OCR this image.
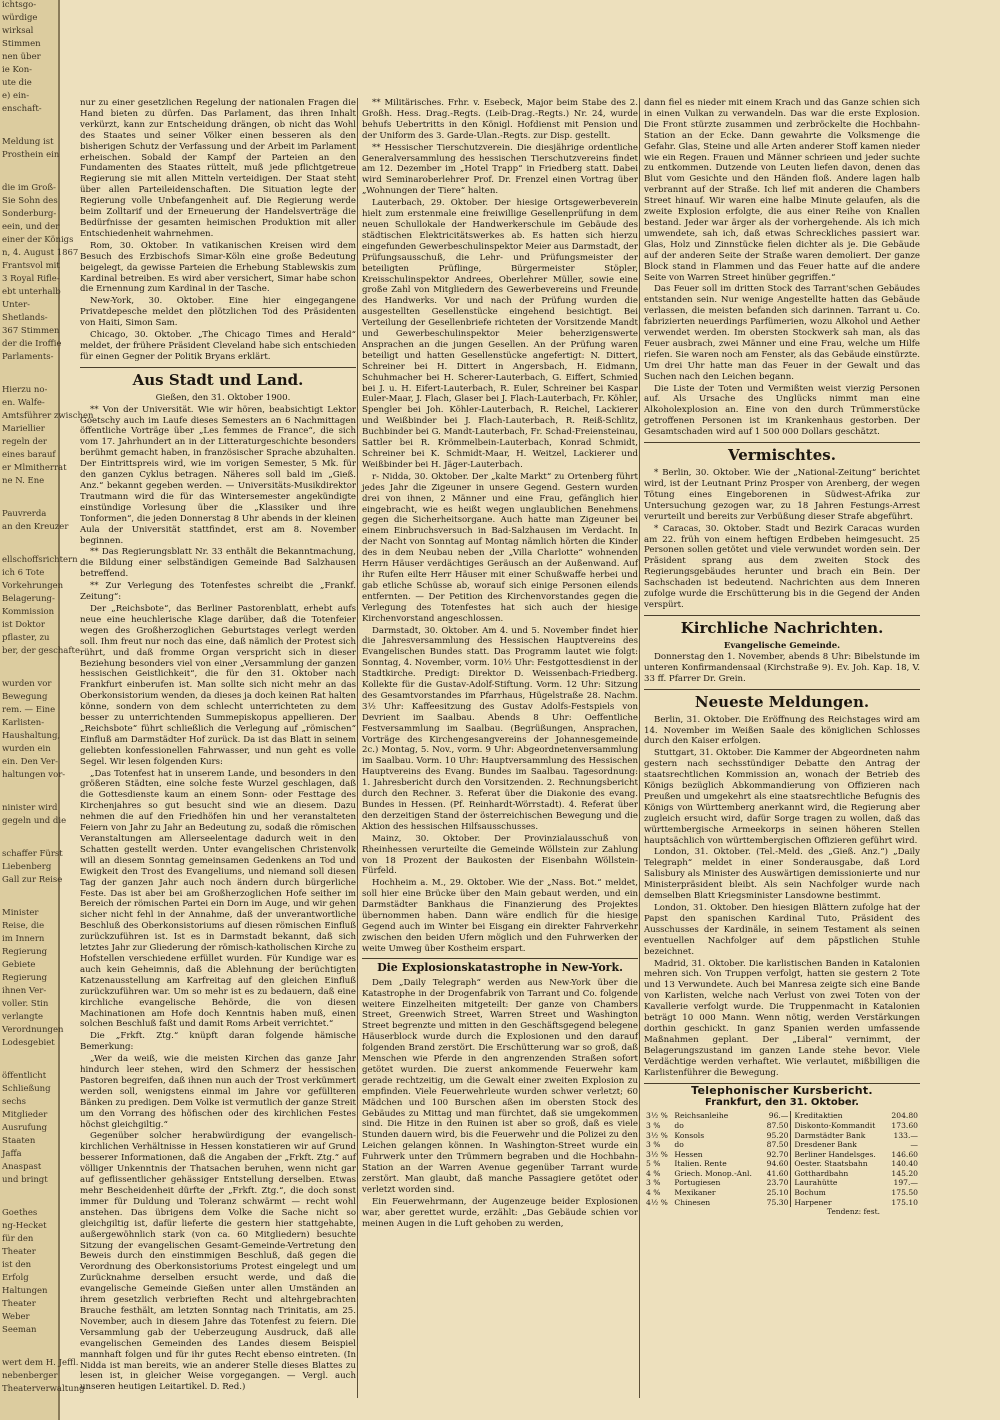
ichtsgo-

würdige

wirksal

Stimmen

nen über

ie Kon-

ute die

e) ein-

enschaft-

Meldung ist

Prosthein ein

die im Groß-

Sie Sohn des

Sonderburg-

eein, und der

einer der Königs

n, 4. August 1867

Frantsvol mit

3 Royal Rifle-

ebt unterhalb

Unter-

Shetlands-

367 Stimmen

der die Iroffie

Parlaments-

Hierzu no-

en. Walfe-

Amtsführer zwischen

Mariellier

regeln der

eines barauf

er Mlmitherrat

ne N. Ene

Pauvrerda

an den Kreuzer

ellschoffsrichtern

ich 6 Tote

Vorkehrungen

Belagerung-

Kommission

ist Doktor

pflaster, zu

ber, der geschafte

wurden vor

Bewegung

rem. — Eine

Karlisten-

Haushaltung,

wurden ein

ein. Den Ver-

haltungen vor-

ninister wird

gegeln und die

schaffer Fürst

Liebenberg

Gall zur Reise

Minister

Reise, die

im Innern

Regierung

Gebiete

Regierung

ihnen Ver-

voller. Stin

verlangte

Verordnungen

Lodesgebiet

öffentlicht

Schließung

sechs

Mitglieder

Ausrufung

Staaten

Jaffa

Anaspast

und bringt

Goethes

ng-Hecket

für den

Theater

ist den

Erfolg

Haltungen

Theater

Weber

Seeman

wert dem H. Jeffl.

nebenberger

Theaterverwaltung

nur zu einer gesetzlichen Regelung der nationalen Fragen die Hand bieten zu dürfen. Das Parlament, das ihren Inhalt verkürzt, kann zur Entscheidung drängen, ob nicht das Wohl des Staates und seiner Völker einen besseren als den bisherigen Schutz der Verfassung und der Arbeit im Parlament erheischen. Sobald der Kampf der Parteien an den Fundamenten des Staates rüttelt, muß jede pflichtgetreue Regierung sie mit allen Mitteln verteidigen. Der Staat steht über allen Parteileidenschaften. Die Situation legte der Regierung volle Unbefangenheit auf. Die Regierung werde beim Zolltarif und der Erneuerung der Handelsverträge die Bedürfnisse der gesamten heimischen Produktion mit aller Entschiedenheit wahrnehmen.

Rom, 30. Oktober. In vatikanischen Kreisen wird dem Besuch des Erzbischofs Simar-Köln eine große Bedeutung beigelegt, da gewisse Parteien die Erhebung Stablewskis zum Kardinal betreiben. Es wird aber versichert, Simar habe schon die Ernennung zum Kardinal in der Tasche.

New-York, 30. Oktober. Eine hier eingegangene Privatdepesche meldet den plötzlichen Tod des Präsidenten von Haiti, Simon Sam.

Chicago, 30. Oktober. „The Chicago Times and Herald“ meldet, der frühere Präsident Cleveland habe sich entschieden für einen Gegner der Politik Bryans erklärt.

Aus Stadt und Land.

Gießen, den 31. Oktober 1900.

** Von der Universität. Wie wir hören, beabsichtigt Lektor Goetschy auch im Laufe dieses Semesters an 6 Nachmittagen öffentliche Vorträge über „Les femmes de France“, die sich vom 17. Jahrhundert an in der Litteraturgeschichte besonders berühmt gemacht haben, in französischer Sprache abzuhalten. Der Eintrittspreis wird, wie im vorigen Semester, 5 Mk. für den ganzen Cyklus betragen. Näheres soll bald im „Gieß. Anz.“ bekannt gegeben werden. — Universitäts-Musikdirektor Trautmann wird die für das Wintersemester angekündigte einstündige Vorlesung über die „Klassiker und ihre Tonformen“, die jeden Donnerstag 8 Uhr abends in der kleinen Aula der Universität stattfindet, erst am 8. November beginnen.

** Das Regierungsblatt Nr. 33 enthält die Bekanntmachung, die Bildung einer selbständigen Gemeinde Bad Salzhausen betreffend.

** Zur Verlegung des Totenfestes schreibt die „Frankf. Zeitung“:

Der „Reichsbote“, das Berliner Pastorenblatt, erhebt aufs neue eine heuchlerische Klage darüber, daß die Totenfeier wegen des Großherzoglichen Geburtstages verlegt werden soll. Ihm freut nur noch das eine, daß nämlich der Protest sich rührt, und daß fromme Organ verspricht sich in dieser Beziehung besonders viel von einer „Versammlung der ganzen hessischen Geistlichkeit“, die für den 31. Oktober nach Frankfurt einberufen ist. Man sollte sich nicht mehr an das Oberkonsistorium wenden, da dieses ja doch keinen Rat halten könne, sondern von dem schlecht unterrichteten zu dem besser zu unterrichtenden Summepiskopus appellieren. Der „Reichsbote“ führt schließlich die Verlegung auf „römischen“ Einfluß am Darmstädter Hof zurück. Da ist das Blatt in seinem geliebten konfessionellen Fahrwasser, und nun geht es volle Segel. Wir lesen folgenden Kurs:

„Das Totenfest hat in unserem Lande, und besonders in den größeren Städten, eine solche feste Wurzel geschlagen, daß die Gottesdienste kaum an einem Sonn- oder Festtage des Kirchenjahres so gut besucht sind wie an diesem. Dazu nehmen die auf den Friedhöfen hin und her veranstalteten Feiern von Jahr zu Jahr an Bedeutung zu, sodaß die römischen Veranstaltungen am Allerseelentage dadurch weit in den Schatten gestellt werden. Unter evangelischen Christenvolk will an diesem Sonntag gemeinsamen Gedenkens an Tod und Ewigkeit den Trost des Evangeliums, und niemand soll diesen Tag der ganzen Jahr auch noch ändern durch bürgerliche Feste. Das ist aber bei am Großherzoglichen Hofe seither im Bereich der römischen Partei ein Dorn im Auge, und wir gehen sicher nicht fehl in der Annahme, daß der unverantwortliche Beschluß des Oberkonsistoriums auf diesen römischen Einfluß zurückzuführen ist. Ist es in Darmstadt bekannt, daß sich letztes Jahr zur Gliederung der römisch-katholischen Kirche zu Hofstellen verschiedene erfüllet wurden. Für Kundige war es auch kein Geheimnis, daß die Ablehnung der berüchtigten Katzenausstellung am Karfreitag auf den gleichen Einfluß zurückzuführen war. Um so mehr ist es zu bedauern, daß eine kirchliche evangelische Behörde, die von diesen Machinationen am Hofe doch Kenntnis haben muß, einen solchen Beschluß faßt und damit Roms Arbeit verrichtet.“

Die „Frkft. Ztg.“ knüpft daran folgende hämische Bemerkung:

„Wer da weiß, wie die meisten Kirchen das ganze Jahr hindurch leer stehen, wird den Schmerz der hessischen Pastoren begreifen, daß ihnen nun auch der Trost verkümmert werden soll, wenigstens einmal im Jahre vor gefüllteren Bänken zu predigen. Dem Volke ist vermutlich der ganze Streit um den Vorrang des höfischen oder des kirchlichen Festes höchst gleichgiltig.“

Gegenüber solcher herabwürdigung der evangelisch-kirchlichen Verhältnisse in Hessen konstatieren wir auf Grund besserer Informationen, daß die Angaben der „Frkft. Ztg.“ auf völliger Unkenntnis der Thatsachen beruhen, wenn nicht gar auf geflissentlicher gehässiger Entstellung derselben. Etwas mehr Bescheidenheit dürfte der „Frkft. Ztg.“, die doch sonst immer für Duldung und Toleranz schwärmt — recht wohl anstehen. Das übrigens dem Volke die Sache nicht so gleichgiltig ist, dafür lieferte die gestern hier stattgehabte, außergewöhnlich stark (von ca. 60 Mitgliedern) besuchte Sitzung der evangelischen Gesamt-Gemeinde-Vertretung den Beweis durch den einstimmigen Beschluß, daß gegen die Verordnung des Oberkonsistoriums Protest eingelegt und um Zurücknahme derselben ersucht werde, und daß die evangelische Gemeinde Gießen unter allen Umständen an ihrem gesetzlich verbrieften Recht und altehrgebrachten Brauche festhält, am letzten Sonntag nach Trinitatis, am 25. November, auch in diesem Jahre das Totenfest zu feiern. Die Versammlung gab der Ueberzeugung Ausdruck, daß alle evangelischen Gemeinden des Landes diesem Beispiel mannhaft folgen und für ihr gutes Recht ebenso eintreten. (In Nidda ist man bereits, wie an anderer Stelle dieses Blattes zu lesen ist, in gleicher Weise vorgegangen. — Vergl. auch unseren heutigen Leitartikel. D. Red.)

** Militärisches. Frhr. v. Esebeck, Major beim Stabe des 2. Großh. Hess. Drag.-Regts. (Leib-Drag.-Regts.) Nr. 24, wurde behufs Uebertritts in den Königl. Hofdienst mit Pension und der Uniform des 3. Garde-Ulan.-Regts. zur Disp. gestellt.

** Hessischer Tierschutzverein. Die diesjährige ordentliche Generalversammlung des hessischen Tierschutzvereins findet am 12. Dezember im „Hotel Trapp“ in Friedberg statt. Dabei wird Seminaroberlehrer Prof. Dr. Frenzel einen Vortrag über „Wohnungen der Tiere“ halten.

Lauterbach, 29. Oktober. Der hiesige Ortsgewerbeverein hielt zum erstenmale eine freiwillige Gesellenprüfung in dem neuen Schullokale der Handwerkerschule im Gebäude des städtischen Elektricitätswerkes ab. Es hatten sich hierzu eingefunden Gewerbeschulinspektor Meier aus Darmstadt, der Prüfungsausschuß, die Lehr- und Prüfungsmeister der beteiligten Prüflinge, Bürgermeister Stöpler, Kreisschulinspektor Andrees, Oberlehrer Müller, sowie eine große Zahl von Mitgliedern des Gewerbevereins und Freunde des Handwerks. Vor und nach der Prüfung wurden die ausgestellten Gesellenstücke eingehend besichtigt. Bei Verteilung der Gesellenbriefe richteten der Vorsitzende Mandt und Gewerbeschulinspektor Meier beherzigenswerte Ansprachen an die jungen Gesellen. An der Prüfung waren beteiligt und hatten Gesellenstücke angefertigt: N. Dittert, Schreiner bei H. Dittert in Angersbach, H. Eidmann, Schuhmacher bei H. Scherer-Lauterbach, G. Eiffert, Schmied bei J. u. H. Eifert-Lauterbach, R. Euler, Schreiner bei Kaspar Euler-Maar, J. Flach, Glaser bei J. Flach-Lauterbach, Fr. Köhler, Spengler bei Joh. Köhler-Lauterbach, R. Reichel, Lackierer und Weißbinder bei J. Flach-Lauterbach, R. Reiß-Schlitz, Buchbinder bei G. Mandt-Lauterbach, Fr. Schad-Freiensteinau, Sattler bei R. Krömmelbein-Lauterbach, Konrad Schmidt, Schreiner bei K. Schmidt-Maar, H. Weitzel, Lackierer und Weißbinder bei H. Jäger-Lauterbach.

r- Nidda, 30. Oktober. Der „kalte Markt“ zu Ortenberg führt jedes Jahr die Zigeuner in unsere Gegend. Gestern wurden drei von ihnen, 2 Männer und eine Frau, gefänglich hier eingebracht, wie es heißt wegen unglaublichen Benehmens gegen die Sicherheitsorgane. Auch hatte man Zigeuner bei einem Einbruchsversuch in Bad-Salzhausen im Verdacht. In der Nacht von Sonntag auf Montag nämlich hörten die Kinder des in dem Neubau neben der „Villa Charlotte“ wohnenden Herrn Häuser verdächtiges Geräusch an der Außenwand. Auf ihr Rufen eilte Herr Häuser mit einer Schußwaffe herbei und gab etliche Schüsse ab, worauf sich einige Personen eilends entfernten. — Der Petition des Kirchenvorstandes gegen die Verlegung des Totenfestes hat sich auch der hiesige Kirchenvorstand angeschlossen.

Darmstadt, 30. Oktober. Am 4. und 5. November findet hier die Jahresversammlung des Hessischen Hauptvereins des Evangelischen Bundes statt. Das Programm lautet wie folgt: Sonntag, 4. November, vorm. 10½ Uhr: Festgottesdienst in der Stadtkirche. Predigt: Direktor D. Weissenbach-Friedberg. Kollekte für die Gustav-Adolf-Stiftung. Vorm. 12 Uhr: Sitzung des Gesamtvorstandes im Pfarrhaus, Hügelstraße 28. Nachm. 3½ Uhr: Kaffeesitzung des Gustav Adolfs-Festspiels von Devrient im Saalbau. Abends 8 Uhr: Oeffentliche Festversammlung im Saalbau. (Begrüßungen, Ansprachen, Vorträge des Kirchengesangvereins der Johannesgemeinde 2c.) Montag, 5. Nov., vorm. 9 Uhr: Abgeordnetenversammlung im Saalbau. Vorm. 10 Uhr: Hauptversammlung des Hessischen Hauptvereins des Evang. Bundes im Saalbau. Tagesordnung: 1. Jahresbericht durch den Vorsitzenden. 2. Rechnungsbericht durch den Rechner. 3. Referat über die Diakonie des evang. Bundes in Hessen. (Pf. Reinhardt-Wörrstadt). 4. Referat über den derzeitigen Stand der österreichischen Bewegung und die Aktion des hessischen Hilfsausschusses.

Mainz, 30. Oktober. Der Provinzialausschuß von Rheinhessen verurteilte die Gemeinde Wöllstein zur Zahlung von 18 Prozent der Baukosten der Eisenbahn Wöllstein-Fürfeld.

Hochheim a. M., 29. Oktober. Wie der „Nass. Bot.“ meldet, soll hier eine Brücke über den Main gebaut werden, und ein Darmstädter Bankhaus die Finanzierung des Projektes übernommen haben. Dann wäre endlich für die hiesige Gegend auch im Winter bei Eisgang ein direkter Fahrverkehr zwischen den beiden Ufern möglich und den Fuhrwerken der weite Umweg über Kostheim erspart.

Die Explosionskatastrophe in New-York.

Dem „Daily Telegraph“ werden aus New-York über die Katastrophe in der Drogenfabrik von Tarrant und Co. folgende weitere Einzelheiten mitgeteilt: Der ganze von Chambers Street, Greenwich Street, Warren Street und Washington Street begrenzte und mitten in den Geschäftsgegend belegene Häuserblock wurde durch die Explosionen und den darauf folgenden Brand zerstört. Die Erschütterung war so groß, daß Menschen wie Pferde in den angrenzenden Straßen sofort getötet wurden. Die zuerst ankommende Feuerwehr kam gerade rechtzeitig, um die Gewalt einer zweiten Explosion zu empfinden. Viele Feuerwehrleute wurden schwer verletzt; 60 Mädchen und 100 Burschen aßen im obersten Stock des Gebäudes zu Mittag und man fürchtet, daß sie umgekommen sind. Die Hitze in den Ruinen ist aber so groß, daß es viele Stunden dauern wird, bis die Feuerwehr und die Polizei zu den Leichen gelangen können. In Washington-Street wurde ein Fuhrwerk unter den Trümmern begraben und die Hochbahn-Station an der Warren Avenue gegenüber Tarrant wurde zerstört. Man glaubt, daß manche Passagiere getötet oder verletzt worden sind.

Ein Feuerwehrmann, der Augenzeuge beider Explosionen war, aber gerettet wurde, erzählt: „Das Gebäude schien vor meinen Augen in die Luft gehoben zu werden,

dann fiel es nieder mit einem Krach und das Ganze schien sich in einen Vulkan zu verwandeln. Das war die erste Explosion. Die Front stürzte zusammen und zerbröckelte die Hochbahn-Station an der Ecke. Dann gewahrte die Volksmenge die Gefahr. Glas, Steine und alle Arten anderer Stoff kamen nieder wie ein Regen. Frauen und Männer schrieen und jeder suchte zu entkommen. Dutzende von Leuten liefen davon, denen das Blut vom Gesichte und den Händen floß. Andere lagen halb verbrannt auf der Straße. Ich lief mit anderen die Chambers Street hinauf. Wir waren eine halbe Minute gelaufen, als die zweite Explosion erfolgte, die aus einer Reihe von Knallen bestand. Jeder war ärger als der vorhergehende. Als ich mich umwendete, sah ich, daß etwas Schreckliches passiert war. Glas, Holz und Zinnstücke fielen dichter als je. Die Gebäude auf der anderen Seite der Straße waren demoliert. Der ganze Block stand in Flammen und das Feuer hatte auf die andere Seite von Warren Street hinüber gegriffen.“

Das Feuer soll im dritten Stock des Tarrant'schen Gebäudes entstanden sein. Nur wenige Angestellte hatten das Gebäude verlassen, die meisten befanden sich darinnen. Tarrant u. Co. fabrizierten neuerdings Parfümerien, wozu Alkohol und Aether verwendet werden. Im obersten Stockwerk sah man, als das Feuer ausbrach, zwei Männer und eine Frau, welche um Hilfe riefen. Sie waren noch am Fenster, als das Gebäude einstürzte. Um drei Uhr hatte man das Feuer in der Gewalt und das Suchen nach den Leichen begann.

Die Liste der Toten und Vermißten weist vierzig Personen auf. Als Ursache des Unglücks nimmt man eine Alkoholexplosion an. Eine von den durch Trümmerstücke getroffenen Personen ist im Krankenhaus gestorben. Der Gesamtschaden wird auf 1 500 000 Dollars geschätzt.

Vermischtes.

* Berlin, 30. Oktober. Wie der „National-Zeitung“ berichtet wird, ist der Leutnant Prinz Prosper von Arenberg, der wegen Tötung eines Eingeborenen in Südwest-Afrika zur Untersuchung gezogen war, zu 18 Jahren Festungs-Arrest verurteilt und bereits zur Verbüßung dieser Strafe abgeführt.

* Caracas, 30. Oktober. Stadt und Bezirk Caracas wurden am 22. früh von einem heftigen Erdbeben heimgesucht. 25 Personen sollen getötet und viele verwundet worden sein. Der Präsident sprang aus dem zweiten Stock des Regierungsgebäudes herunter und brach ein Bein. Der Sachschaden ist bedeutend. Nachrichten aus dem Inneren zufolge wurde die Erschütterung bis in die Gegend der Anden verspürt.

Kirchliche Nachrichten.
Evangelische Gemeinde.

Donnerstag den 1. November, abends 8 Uhr: Bibelstunde im unteren Konfirmandensaal (Kirchstraße 9). Ev. Joh. Kap. 18, V. 33 ff. Pfarrer Dr. Grein.

Neueste Meldungen.

Berlin, 31. Oktober. Die Eröffnung des Reichstages wird am 14. November im Weißen Saale des königlichen Schlosses durch den Kaiser erfolgen.

Stuttgart, 31. Oktober. Die Kammer der Abgeordneten nahm gestern nach sechsstündiger Debatte den Antrag der staatsrechtlichen Kommission an, wonach der Betrieb des Königs bezüglich Abkommandierung von Offizieren nach Preußen und umgekehrt als eine staatsrechtliche Befugnis des Königs von Württemberg anerkannt wird, die Regierung aber zugleich ersucht wird, dafür Sorge tragen zu wollen, daß das württembergische Armeekorps in seinen höheren Stellen hauptsächlich von württembergischen Offizieren geführt wird.

London, 31. Oktober. (Tel.-Meld. des „Gieß. Anz.“) „Daily Telegraph“ meldet in einer Sonderausgabe, daß Lord Salisbury als Minister des Auswärtigen demissionierte und nur Ministerpräsident bleibt. Als sein Nachfolger wurde nach demselben Blatt Kriegsminister Lansdowne bestimmt.

London, 31. Oktober. Den hiesigen Blättern zufolge hat der Papst den spanischen Kardinal Tuto, Präsident des Ausschusses der Kardinäle, in seinem Testament als seinen eventuellen Nachfolger auf dem päpstlichen Stuhle bezeichnet.

Madrid, 31. Oktober. Die karlistischen Banden in Katalonien mehren sich. Von Truppen verfolgt, hatten sie gestern 2 Tote und 13 Verwundete. Auch bei Manresa zeigte sich eine Bande von Karlisten, welche nach Verlust von zwei Toten von der Kavallerie verfolgt wurde. Die Truppenmacht in Katalonien beträgt 10 000 Mann. Wenn nötig, werden Verstärkungen dorthin geschickt. In ganz Spanien werden umfassende Maßnahmen geplant. Der „Liberal“ vernimmt, der Belagerungszustand im ganzen Lande stehe bevor. Viele Verdächtige werden verhaftet. Wie verlautet, mißbilligen die Karlistenführer die Bewegung.

Telephonischer Kursbericht.
Frankfurt, den 31. Oktober.
3½ %	Reichsanleihe	96.—		Kreditaktien	204.80
3 %	do	87.50		Diskonto-Kommandit	173.60
3½ %	Konsols	95.20		Darmstädter Bank	133.—
3 %	do	87.50		Dresdener Bank	—
3½ %	Hessen	92.70		Berliner Handelsges.	146.60
5 %	Italien. Rente	94.60		Oester. Staatsbahn	140.40
4 %	Griech. Monop.-Anl.	41.60		Gotthardbahn	145.20
3 %	Portugiesen	23.70		Laurahütte	197.—
4 %	Mexikaner	25.10		Bochum	175.50
4½ %	Chinesen	75.30		Harpener	175.10
Tendenz: fest.
